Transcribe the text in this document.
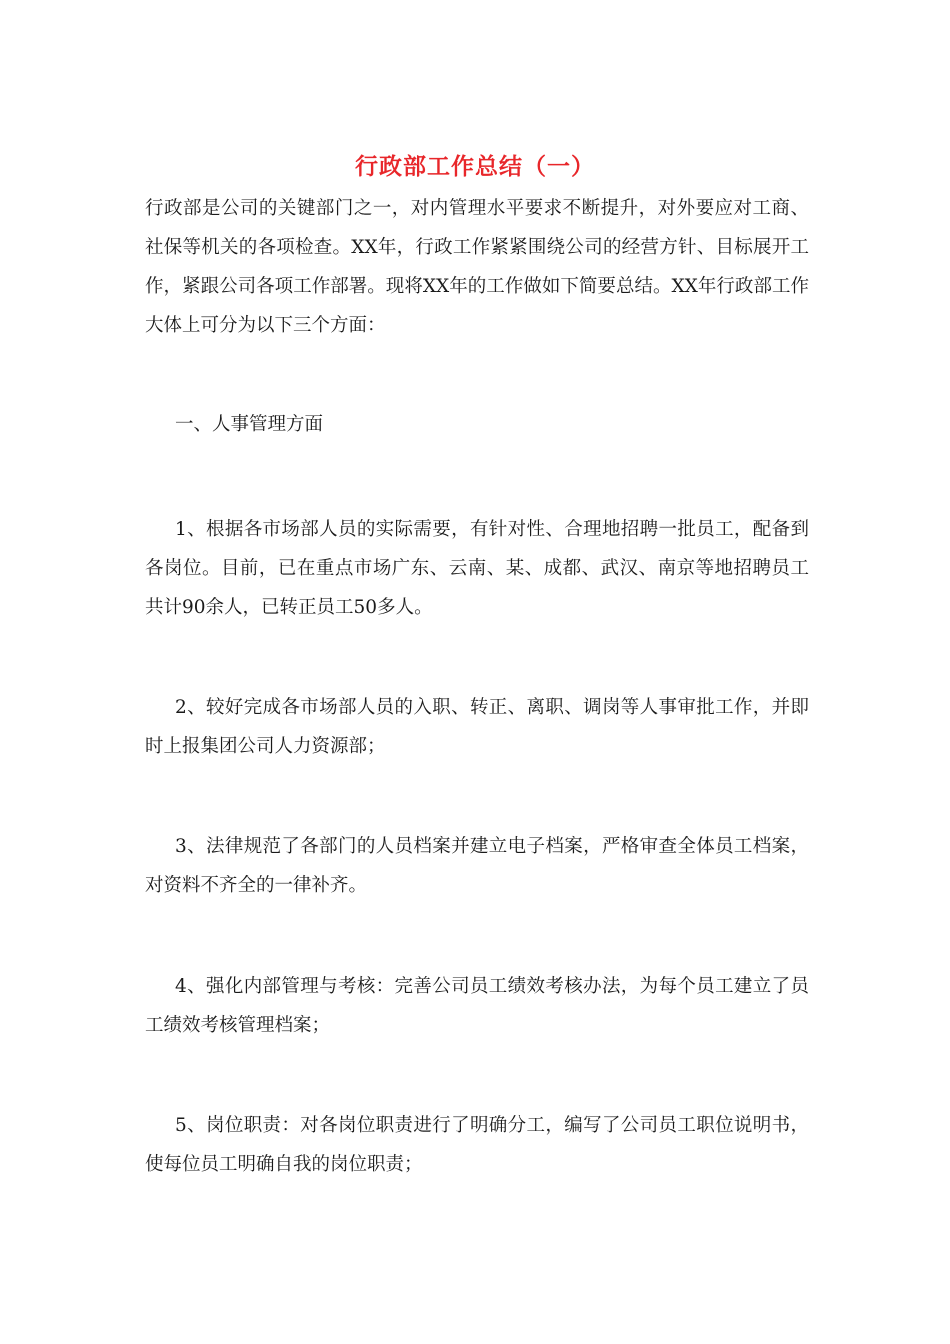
行政部工作总结（一）

行政部是公司的关键部门之一，对内管理水平要求不断提升，对外要应对工商、社保等机关的各项检查。XX年，行政工作紧紧围绕公司的经营方针、目标展开工作，紧跟公司各项工作部署。现将XX年的工作做如下简要总结。XX年行政部工作大体上可分为以下三个方面：

一、人事管理方面

1、根据各市场部人员的实际需要，有针对性、合理地招聘一批员工，配备到各岗位。目前，已在重点市场广东、云南、某、成都、武汉、南京等地招聘员工共计90余人，已转正员工50多人。

2、较好完成各市场部人员的入职、转正、离职、调岗等人事审批工作，并即时上报集团公司人力资源部；

3、法律规范了各部门的人员档案并建立电子档案，严格审查全体员工档案，对资料不齐全的一律补齐。

4、强化内部管理与考核：完善公司员工绩效考核办法，为每个员工建立了员工绩效考核管理档案；

5、岗位职责：对各岗位职责进行了明确分工，编写了公司员工职位说明书，使每位员工明确自我的岗位职责；
